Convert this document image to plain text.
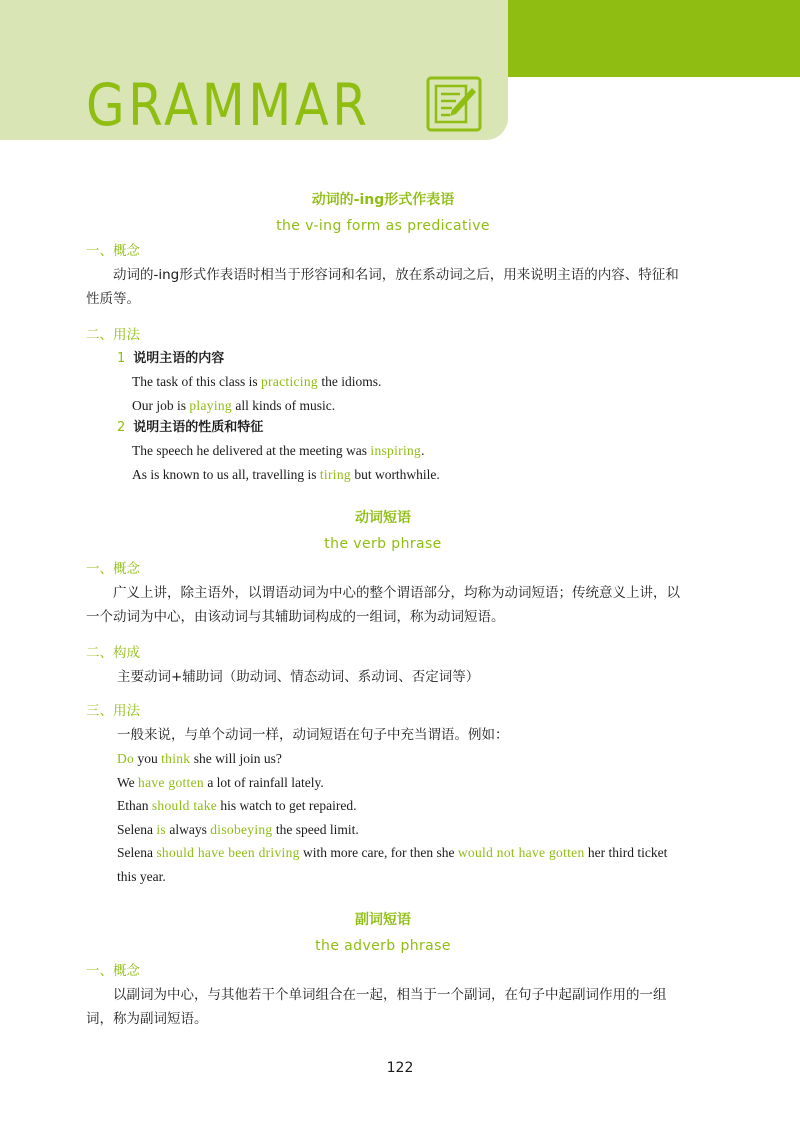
GRAMMAR

动词的-ing形式作表语

the v-ing form as predicative

一、概念

动词的-ing形式作表语时相当于形容词和名词，放在系动词之后，用来说明主语的内容、特征和性质等。

二、用法

1 说明主语的内容

The task of this class is practicing the idioms.

Our job is playing all kinds of music.

2 说明主语的性质和特征

The speech he delivered at the meeting was inspiring.

As is known to us all, travelling is tiring but worthwhile.

动词短语

the verb phrase

一、概念

广义上讲，除主语外，以谓语动词为中心的整个谓语部分，均称为动词短语；传统意义上讲，以一个动词为中心，由该动词与其辅助词构成的一组词，称为动词短语。

二、构成

主要动词+辅助词（助动词、情态动词、系动词、否定词等）

三、用法

一般来说，与单个动词一样，动词短语在句子中充当谓语。例如：

Do you think she will join us?

We have gotten a lot of rainfall lately.

Ethan should take his watch to get repaired.

Selena is always disobeying the speed limit.

Selena should have been driving with more care, for then she would not have gotten her third ticket this year.

副词短语

the adverb phrase

一、概念

以副词为中心，与其他若干个单词组合在一起，相当于一个副词，在句子中起副词作用的一组词，称为副词短语。

122
